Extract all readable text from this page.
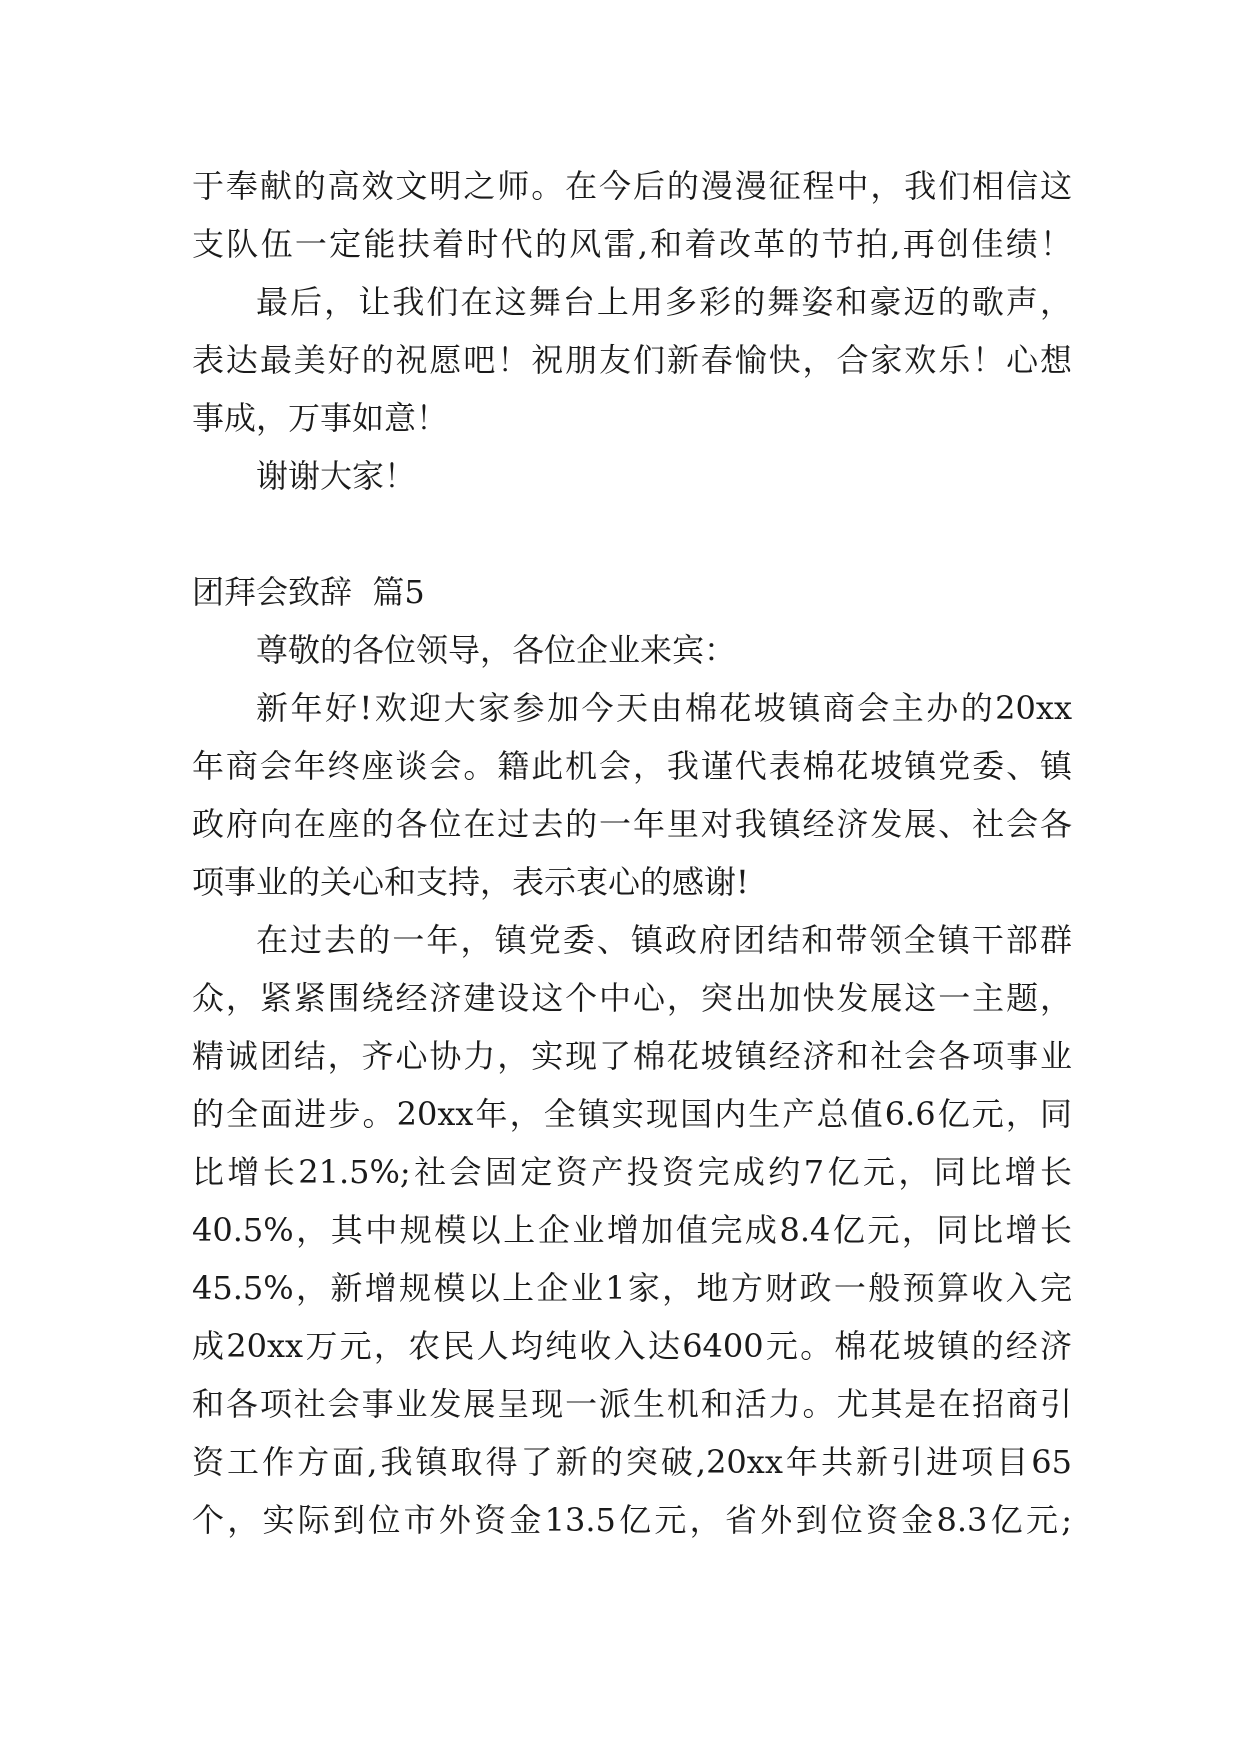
于奉献的高效文明之师。在今后的漫漫征程中，我们相信这
支队伍一定能扶着时代的风雷,和着改革的节拍,再创佳绩！
最后，让我们在这舞台上用多彩的舞姿和豪迈的歌声，
表达最美好的祝愿吧！祝朋友们新春愉快，合家欢乐！心想
事成，万事如意！
谢谢大家！
团拜会致辞  篇5
尊敬的各位领导，各位企业来宾：
新年好!欢迎大家参加今天由棉花坡镇商会主办的20xx
年商会年终座谈会。籍此机会，我谨代表棉花坡镇党委、镇
政府向在座的各位在过去的一年里对我镇经济发展、社会各
项事业的关心和支持，表示衷心的感谢!
在过去的一年，镇党委、镇政府团结和带领全镇干部群
众，紧紧围绕经济建设这个中心，突出加快发展这一主题，
精诚团结，齐心协力，实现了棉花坡镇经济和社会各项事业
的全面进步。20xx年，全镇实现国内生产总值6.6亿元，同
比增长21.5%;社会固定资产投资完成约7亿元，同比增长
40.5%，其中规模以上企业增加值完成8.4亿元，同比增长
45.5%，新增规模以上企业1家，地方财政一般预算收入完
成20xx万元，农民人均纯收入达6400元。棉花坡镇的经济
和各项社会事业发展呈现一派生机和活力。尤其是在招商引
资工作方面,我镇取得了新的突破,20xx年共新引进项目65
个，实际到位市外资金13.5亿元，省外到位资金8.3亿元;
